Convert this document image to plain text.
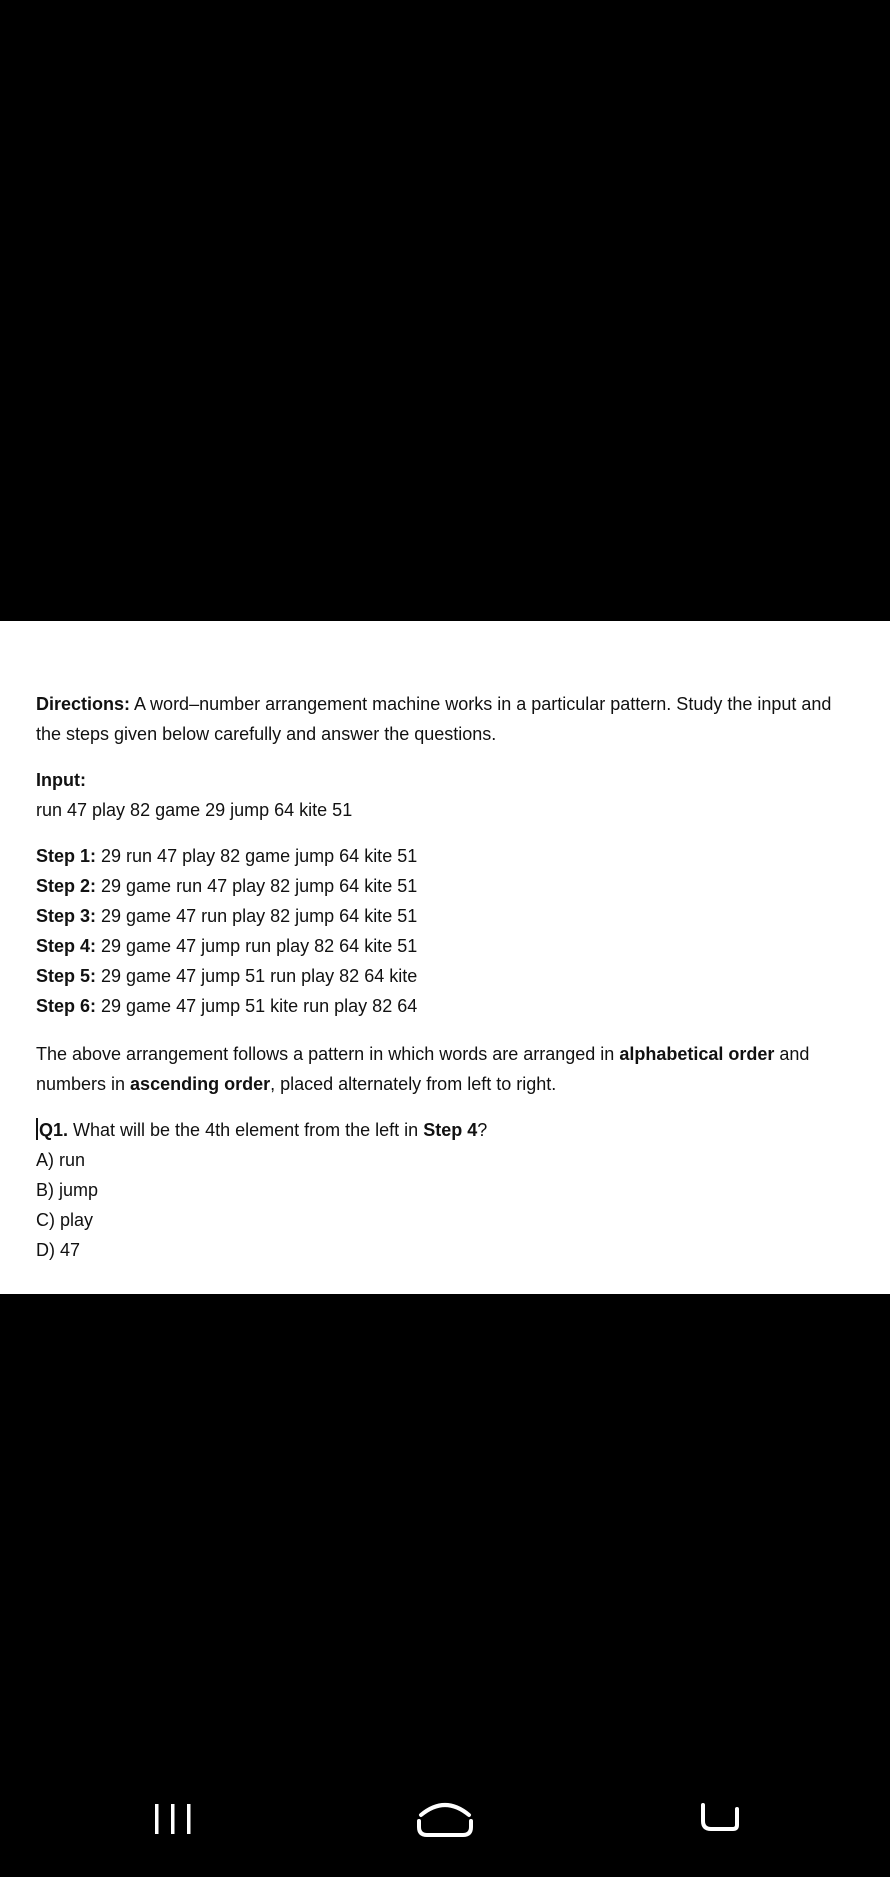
Directions: A word–number arrangement machine works in a particular pattern. Study the input and the steps given below carefully and answer the questions.

Input:

run 47 play 82 game 29 jump 64 kite 51

Step 1: 29 run 47 play 82 game jump 64 kite 51

Step 2: 29 game run 47 play 82 jump 64 kite 51

Step 3: 29 game 47 run play 82 jump 64 kite 51

Step 4: 29 game 47 jump run play 82 64 kite 51

Step 5: 29 game 47 jump 51 run play 82 64 kite

Step 6: 29 game 47 jump 51 kite run play 82 64

The above arrangement follows a pattern in which words are arranged in alphabetical order and numbers in ascending order, placed alternately from left to right.

Q1. What will be the 4th element from the left in Step 4?

A) run

B) jump

C) play

D) 47
